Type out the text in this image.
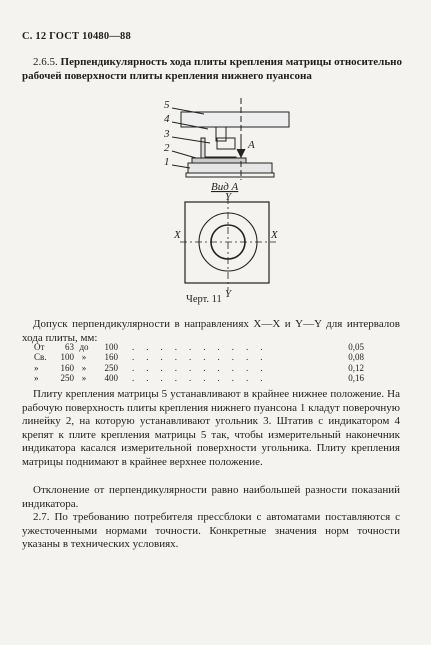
С. 12 ГОСТ 10480—88
2.6.5. Перпендикулярность хода плиты крепления матрицы относительно рабочей поверхности плиты крепления нижнего пуансона
5
4
3
2
1
A
Вид А
Y
X	X
Y
Черт. 11
Допуск перпендикулярности в направлениях X—X и Y—Y для интервалов хода плиты, мм:
От	63 до	100	..........	0,05
Св.	100 »	160	..........	0,08
»	160 »	250	..........	0,12
»	250 »	400	..........	0,16
Плиту крепления матрицы 5 устанавливают в крайнее нижнее положение. На рабочую поверхность плиты крепления нижнего пуансона 1 кладут поверочную линейку 2, на которую устанавливают угольник 3. Штатив с индикатором 4 крепят к плите крепления матрицы 5 так, чтобы измерительный наконечник индикатора касался измерительной поверхности угольника. Плиту крепления матрицы поднимают в крайнее верхнее положение.
Отклонение от перпендикулярности равно наибольшей разности показаний индикатора.
2.7. По требованию потребителя прессблоки с автоматами поставляются с ужесточенными нормами точности. Конкретные значения норм точности указаны в технических условиях.
